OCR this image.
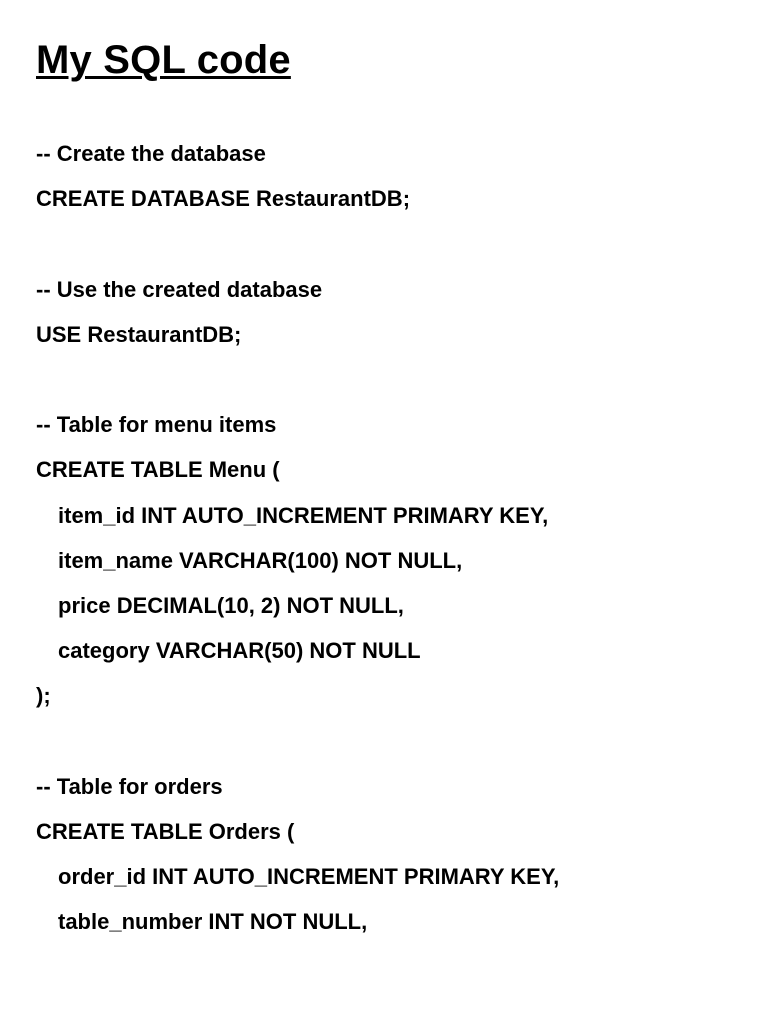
My SQL code
-- Create the database
CREATE DATABASE RestaurantDB;
-- Use the created database
USE RestaurantDB;
-- Table for menu items
CREATE TABLE Menu (
item_id INT AUTO_INCREMENT PRIMARY KEY,
item_name VARCHAR(100) NOT NULL,
price DECIMAL(10, 2) NOT NULL,
category VARCHAR(50) NOT NULL
);
-- Table for orders
CREATE TABLE Orders (
order_id INT AUTO_INCREMENT PRIMARY KEY,
table_number INT NOT NULL,
